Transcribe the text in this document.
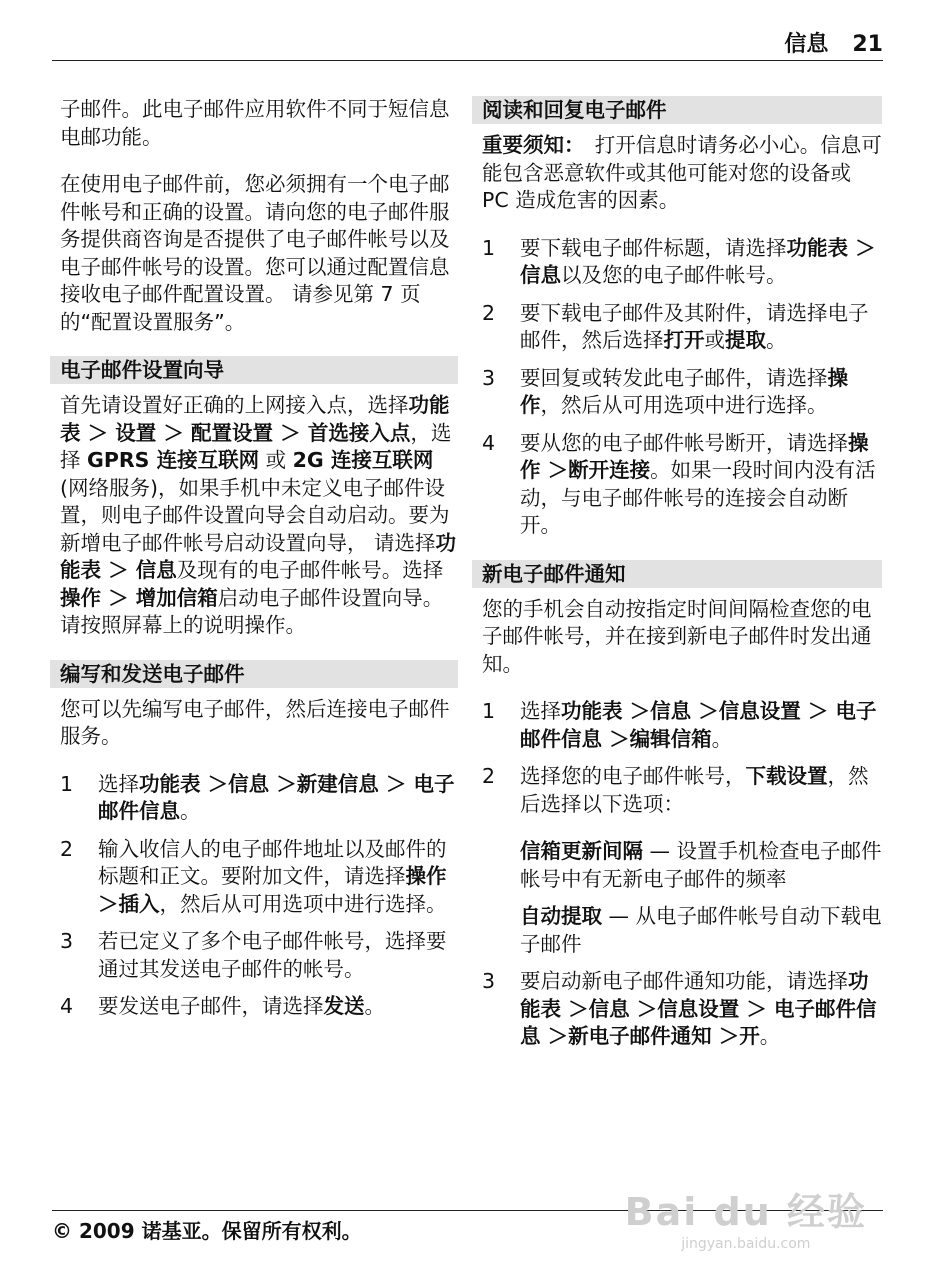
信息 21

子邮件。此电子邮件应用软件不同于短信息电邮功能。

在使用电子邮件前，您必须拥有一个电子邮件帐号和正确的设置。请向您的电子邮件服务提供商咨询是否提供了电子邮件帐号以及电子邮件帐号的设置。您可以通过配置信息接收电子邮件配置设置。 请参见第 7 页的“配置设置服务”。

电子邮件设置向导

首先请设置好正确的上网接入点，选择功能表 ＞ 设置 ＞ 配置设置 ＞ 首选接入点，选择 GPRS 连接互联网 或 2G 连接互联网 (网络服务)，如果手机中未定义电子邮件设置，则电子邮件设置向导会自动启动。要为新增电子邮件帐号启动设置向导， 请选择功能表 ＞ 信息及现有的电子邮件帐号。选择操作 ＞ 增加信箱启动电子邮件设置向导。请按照屏幕上的说明操作。

编写和发送电子邮件

您可以先编写电子邮件，然后连接电子邮件服务。

1	选择功能表 ＞信息 ＞新建信息 ＞ 电子邮件信息。
2	输入收信人的电子邮件地址以及邮件的标题和正文。要附加文件，请选择操作 ＞插入，然后从可用选项中进行选择。
3	若已定义了多个电子邮件帐号，选择要通过其发送电子邮件的帐号。
4	要发送电子邮件，请选择发送。
阅读和回复电子邮件

重要须知：　打开信息时请务必小心。信息可能包含恶意软件或其他可能对您的设备或 PC 造成危害的因素。

1	要下载电子邮件标题，请选择功能表 ＞信息以及您的电子邮件帐号。
2	要下载电子邮件及其附件，请选择电子邮件，然后选择打开或提取。
3	要回复或转发此电子邮件，请选择操作，然后从可用选项中进行选择。
4	要从您的电子邮件帐号断开，请选择操作 ＞断开连接。如果一段时间内没有活动，与电子邮件帐号的连接会自动断开。
新电子邮件通知

您的手机会自动按指定时间间隔检查您的电子邮件帐号，并在接到新电子邮件时发出通知。

1	选择功能表 ＞信息 ＞信息设置 ＞ 电子邮件信息 ＞编辑信箱。
2	选择您的电子邮件帐号，下载设置，然后选择以下选项：
信箱更新间隔 — 设置手机检查电子邮件帐号中有无新电子邮件的频率
自动提取 — 从电子邮件帐号自动下载电子邮件
3	要启动新电子邮件通知功能，请选择功能表 ＞信息 ＞信息设置 ＞ 电子邮件信息 ＞新电子邮件通知 ＞开。
© 2009 诺基亚。保留所有权利。	Bai du 经验
jingyan.baidu.com
